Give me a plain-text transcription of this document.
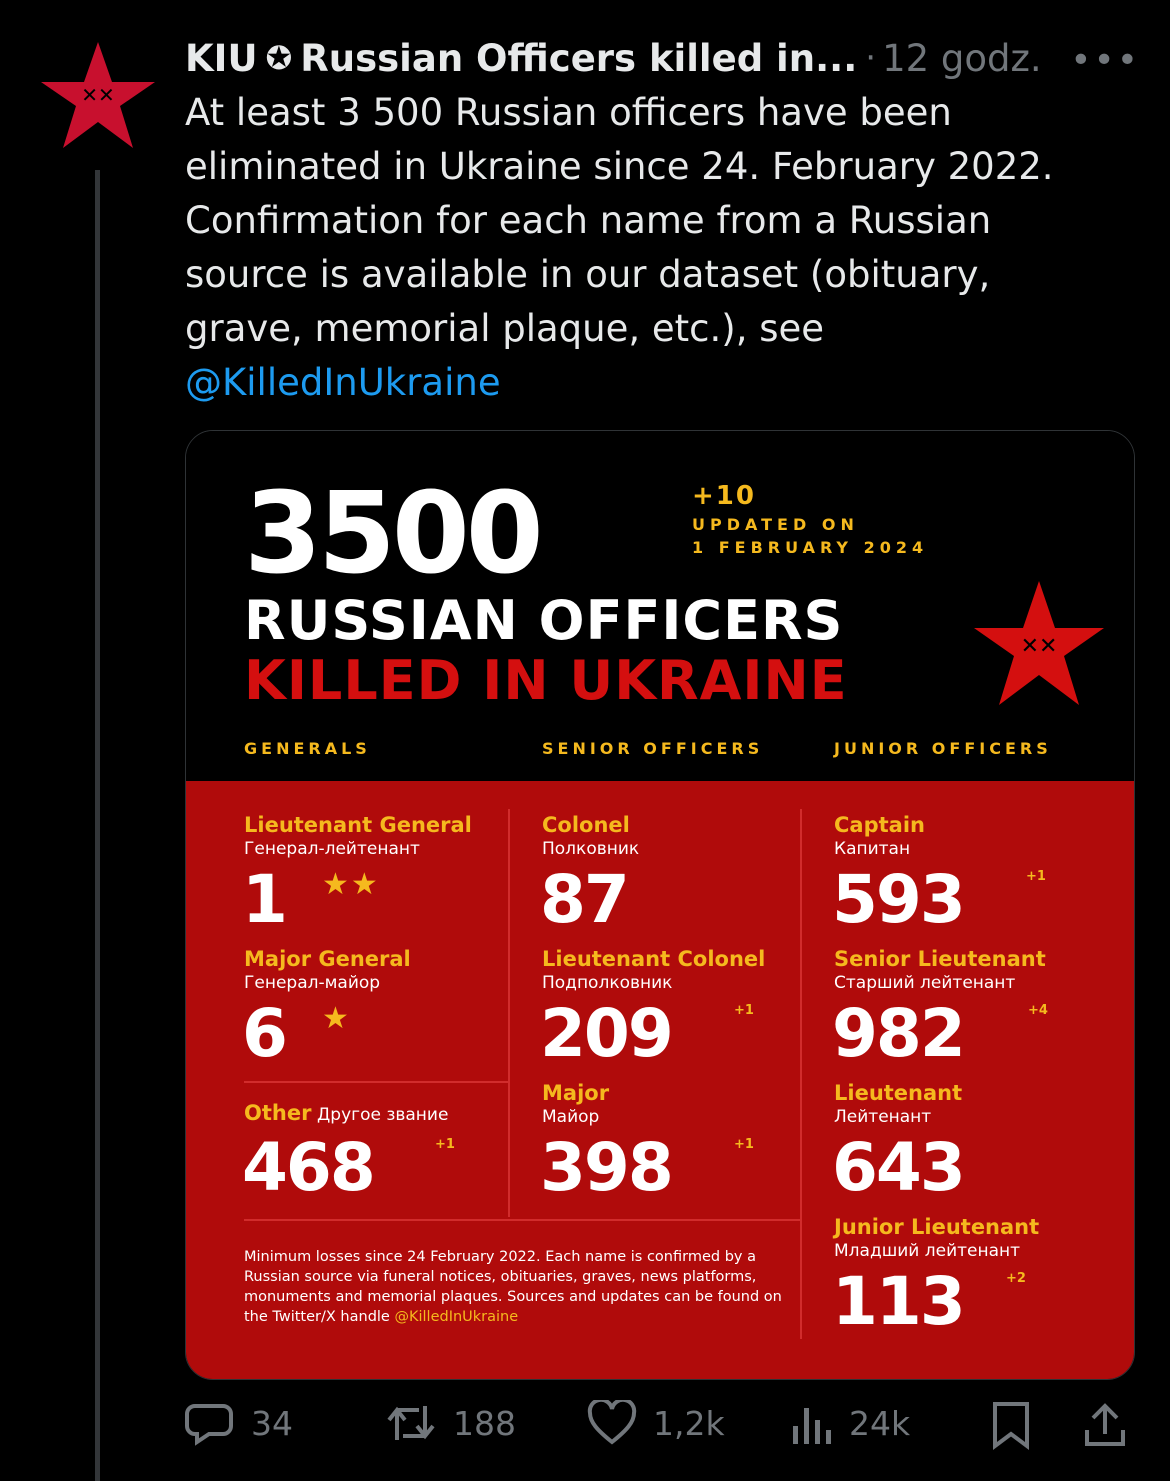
✕✕
KIU ✪ Russian Officers killed in... · 12 godz. •••
At least 3 500 Russian officers have been eliminated in Ukraine since 24. February 2022. Confirmation for each name from a Russian source is available in our dataset (obituary, grave, memorial plaque, etc.), see
@KilledInUkraine
3500	+10
UPDATED ON
1 FEBRUARY 2024
RUSSIAN OFFICERS
KILLED IN UKRAINE
✕✕
GENERALS	SENIOR OFFICERS	JUNIOR OFFICERS
Lieutenant General
Генерал-лейтенант
1 ★★
Major General
Генерал-майор
6 ★
Other Другое звание
468	+1
Colonel
Полковник
87
Lieutenant Colonel
Подполковник
209	+1
Major
Майор
398	+1
Captain
Капитан
593	+1
Senior Lieutenant
Старший лейтенант
982	+4
Lieutenant
Лейтенант
643
Junior Lieutenant
Младший лейтенант
113	+2
Minimum losses since 24 February 2022. Each name is confirmed by a Russian source via funeral notices, obituaries, graves, news platforms, monuments and memorial plaques. Sources and updates can be found on the Twitter/X handle @KilledInUkraine
34	188	1,2k	24k
